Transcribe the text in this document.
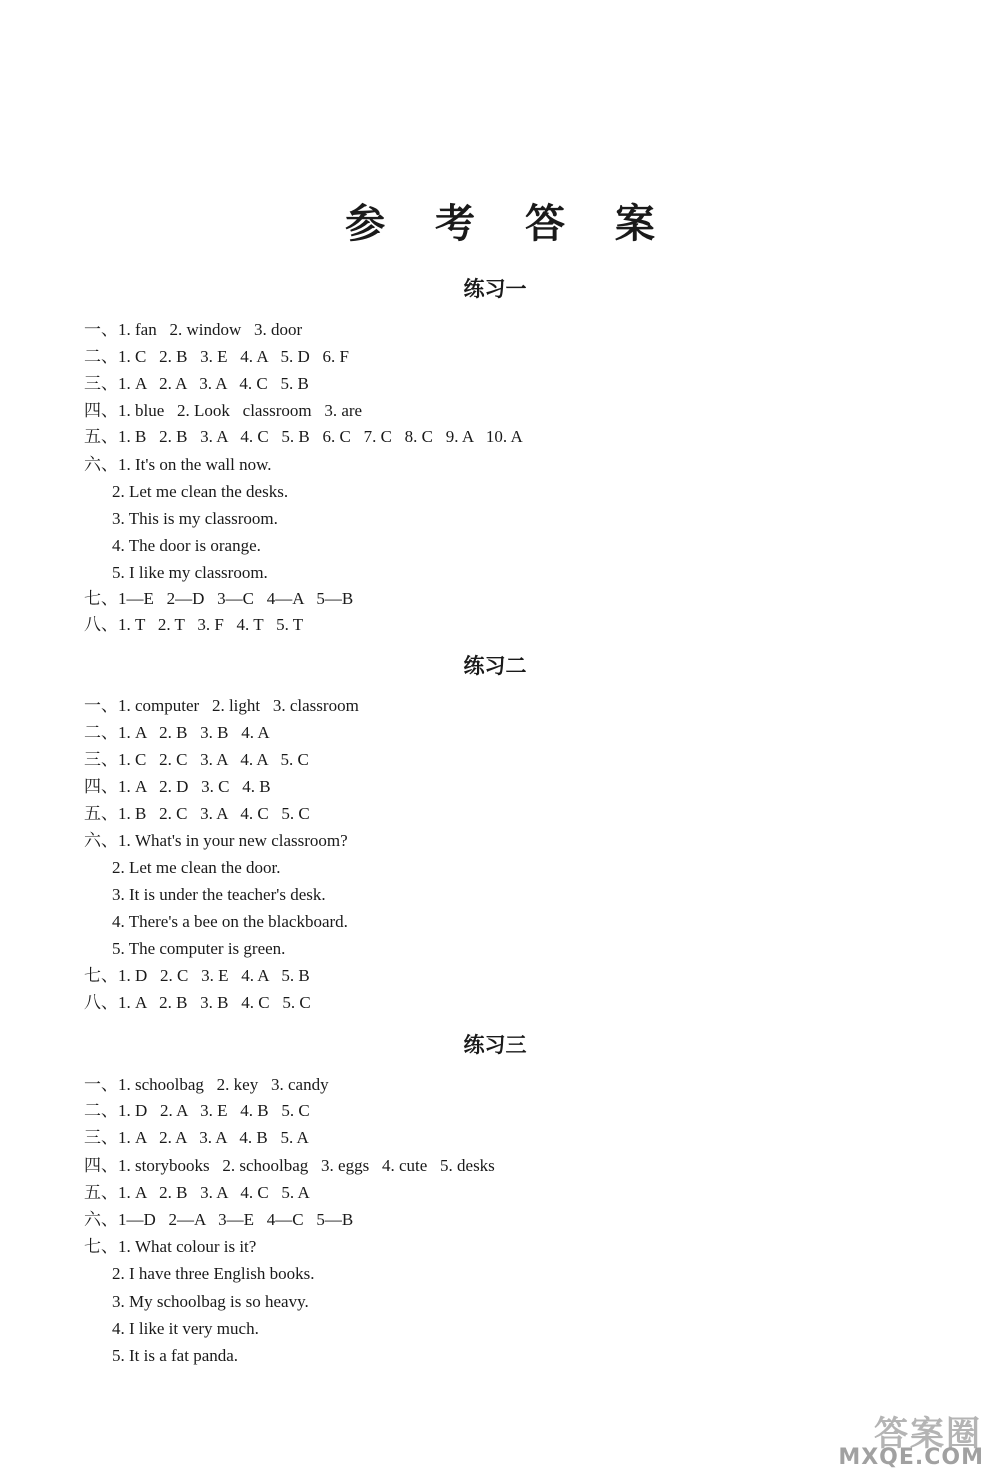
参 考 答 案
练习一
一、1. fan   2. window   3. door
二、1. C   2. B   3. E   4. A   5. D   6. F
三、1. A   2. A   3. A   4. C   5. B
四、1. blue   2. Look   classroom   3. are
五、1. B   2. B   3. A   4. C   5. B   6. C   7. C   8. C   9. A   10. A
六、1. It's on the wall now.
2. Let me clean the desks.
3. This is my classroom.
4. The door is orange.
5. I like my classroom.
七、1—E   2—D   3—C   4—A   5—B
八、1. T   2. T   3. F   4. T   5. T
练习二
一、1. computer   2. light   3. classroom
二、1. A   2. B   3. B   4. A
三、1. C   2. C   3. A   4. A   5. C
四、1. A   2. D   3. C   4. B
五、1. B   2. C   3. A   4. C   5. C
六、1. What's in your new classroom?
2. Let me clean the door.
3. It is under the teacher's desk.
4. There's a bee on the blackboard.
5. The computer is green.
七、1. D   2. C   3. E   4. A   5. B
八、1. A   2. B   3. B   4. C   5. C
练习三
一、1. schoolbag   2. key   3. candy
二、1. D   2. A   3. E   4. B   5. C
三、1. A   2. A   3. A   4. B   5. A
四、1. storybooks   2. schoolbag   3. eggs   4. cute   5. desks
五、1. A   2. B   3. A   4. C   5. A
六、1—D   2—A   3—E   4—C   5—B
七、1. What colour is it?
2. I have three English books.
3. My schoolbag is so heavy.
4. I like it very much.
5. It is a fat panda.
答案圈
MXQE.COM
